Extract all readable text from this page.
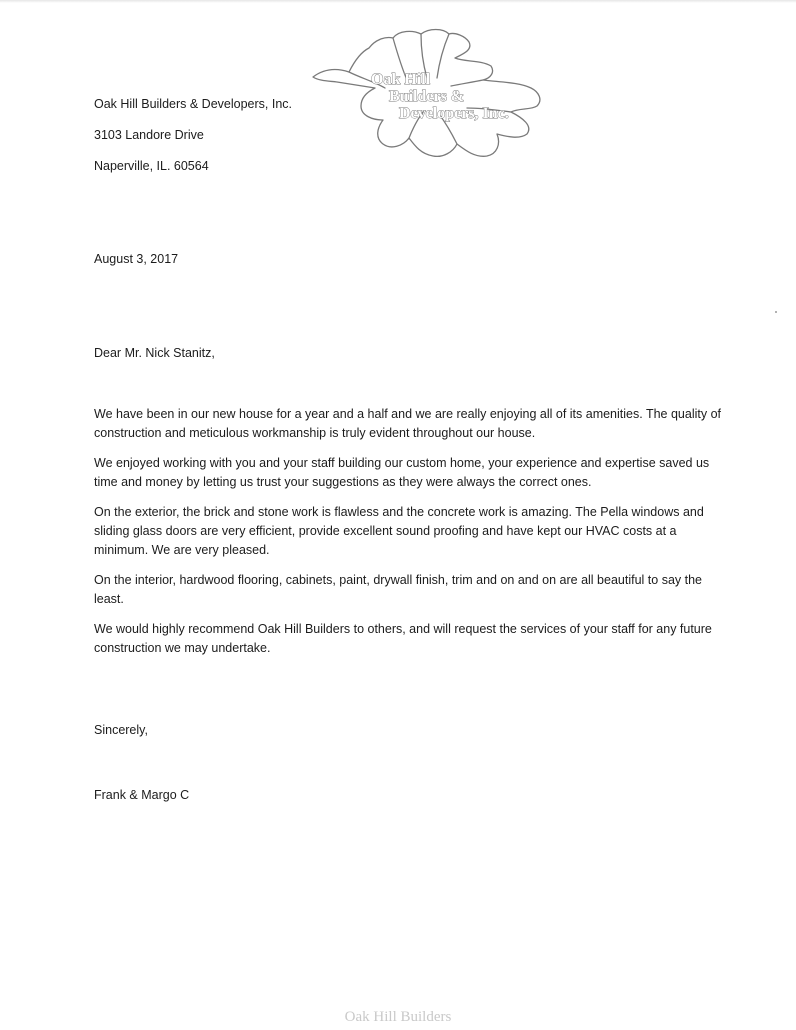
Oak Hill Builders & Developers, Inc.
3103 Landore Drive
Naperville, IL. 60564
Oak Hill
Builders &
Developers, Inc.
August 3, 2017
Dear Mr. Nick Stanitz,

We have been in our new house for a year and a half and we are really enjoying all of its amenities. The quality of construction and meticulous workmanship is truly evident throughout our house.

We enjoyed working with you and your staff building our custom home, your experience and expertise saved us time and money by letting us trust your suggestions as they were always the correct ones.

On the exterior, the brick and stone work is flawless and the concrete work is amazing. The Pella windows and sliding glass doors are very efficient, provide excellent sound proofing and have kept our HVAC costs at a minimum. We are very pleased.

On the interior, hardwood flooring, cabinets, paint, drywall finish, trim and on and on are all beautiful to say the least.

We would highly recommend Oak Hill Builders to others, and will request the services of your staff for any future construction we may undertake.

Sincerely,
Frank & Margo C
Oak Hill Builders
